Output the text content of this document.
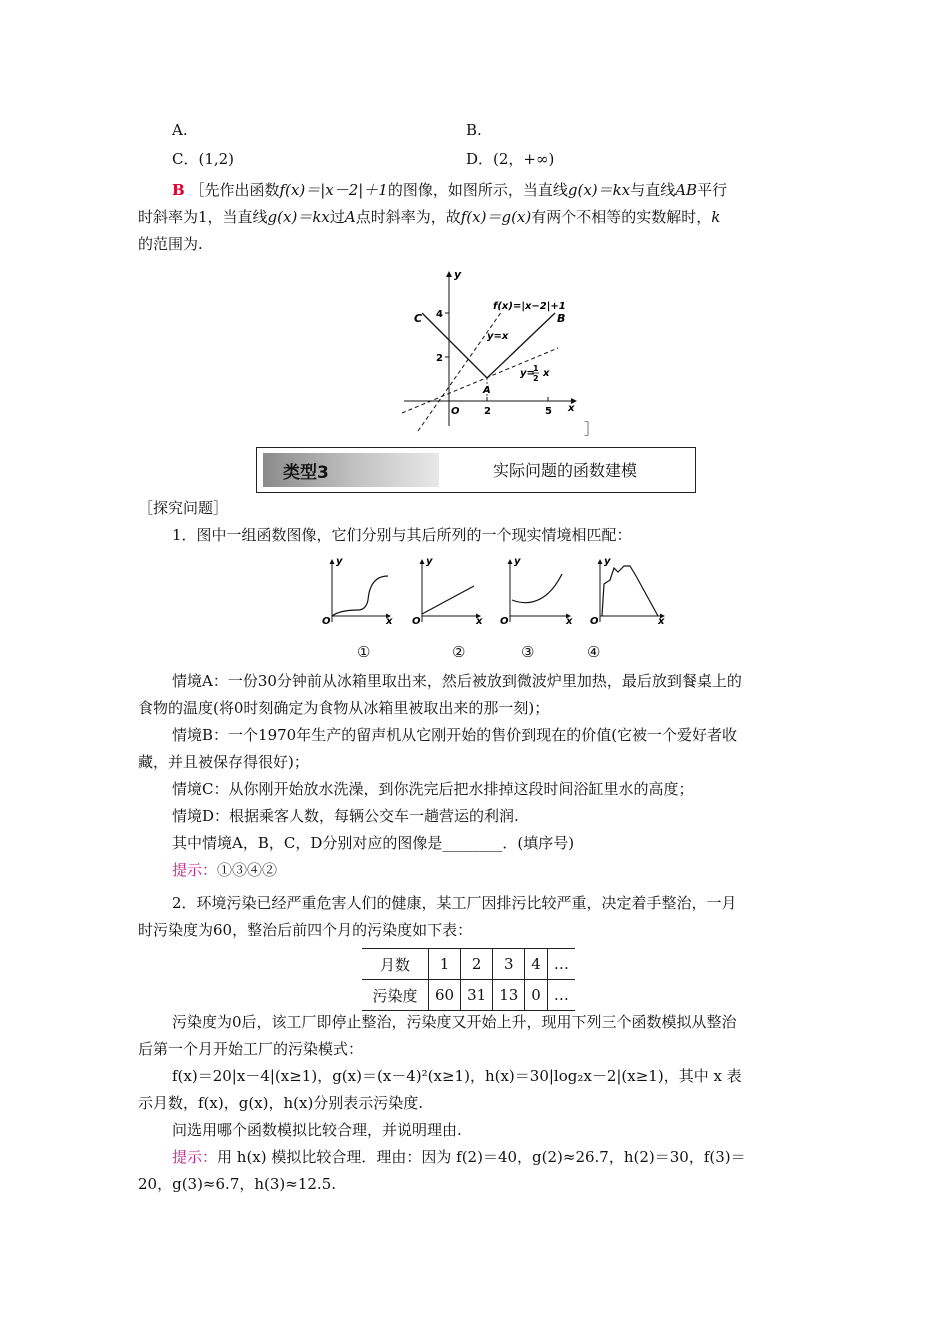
A.	B.
C．(1,2)	D．(2，+∞)
B ［先作出函数f(x)＝|x－2|＋1的图像，如图所示，当直线g(x)＝kx与直线AB平行
时斜率为1，当直线g(x)＝kx过A点时斜率为，故f(x)＝g(x)有两个不相等的实数解时，k
的范围为.
y
x
O 2	5
2
4
C	B
A
f(x)=|x−2|+1
y=x
y=
1
2 x
］
类型3	实际问题的函数建模
［探究问题］
1．图中一组函数图像，它们分别与其后所列的一个现实情境相匹配：
y
x
O
y
x
O
y
x
O
y
x
O
①	②	③	④
情境A：一份30分钟前从冰箱里取出来，然后被放到微波炉里加热，最后放到餐桌上的
食物的温度(将0时刻确定为食物从冰箱里被取出来的那一刻)；
情境B：一个1970年生产的留声机从它刚开始的售价到现在的价值(它被一个爱好者收
藏，并且被保存得很好)；
情境C：从你刚开始放水洗澡，到你洗完后把水排掉这段时间浴缸里水的高度；
情境D：根据乘客人数，每辆公交车一趟营运的利润.
其中情境A，B，C，D分别对应的图像是________．(填序号)
提示：①③④②
2．环境污染已经严重危害人们的健康，某工厂因排污比较严重，决定着手整治，一月
时污染度为60，整治后前四个月的污染度如下表：
月数	1	2	3	4	…
污染度	60	31	13	0	…
污染度为0后，该工厂即停止整治，污染度又开始上升，现用下列三个函数模拟从整治
后第一个月开始工厂的污染模式：
f(x)＝20|x－4|(x≥1)，g(x)＝(x－4)²(x≥1)，h(x)＝30|log₂x－2|(x≥1)，其中 x 表
示月数，f(x)，g(x)，h(x)分别表示污染度.
问选用哪个函数模拟比较合理，并说明理由.
提示：用 h(x) 模拟比较合理．理由：因为 f(2)＝40，g(2)≈26.7，h(2)＝30，f(3)＝
20，g(3)≈6.7，h(3)≈12.5.
